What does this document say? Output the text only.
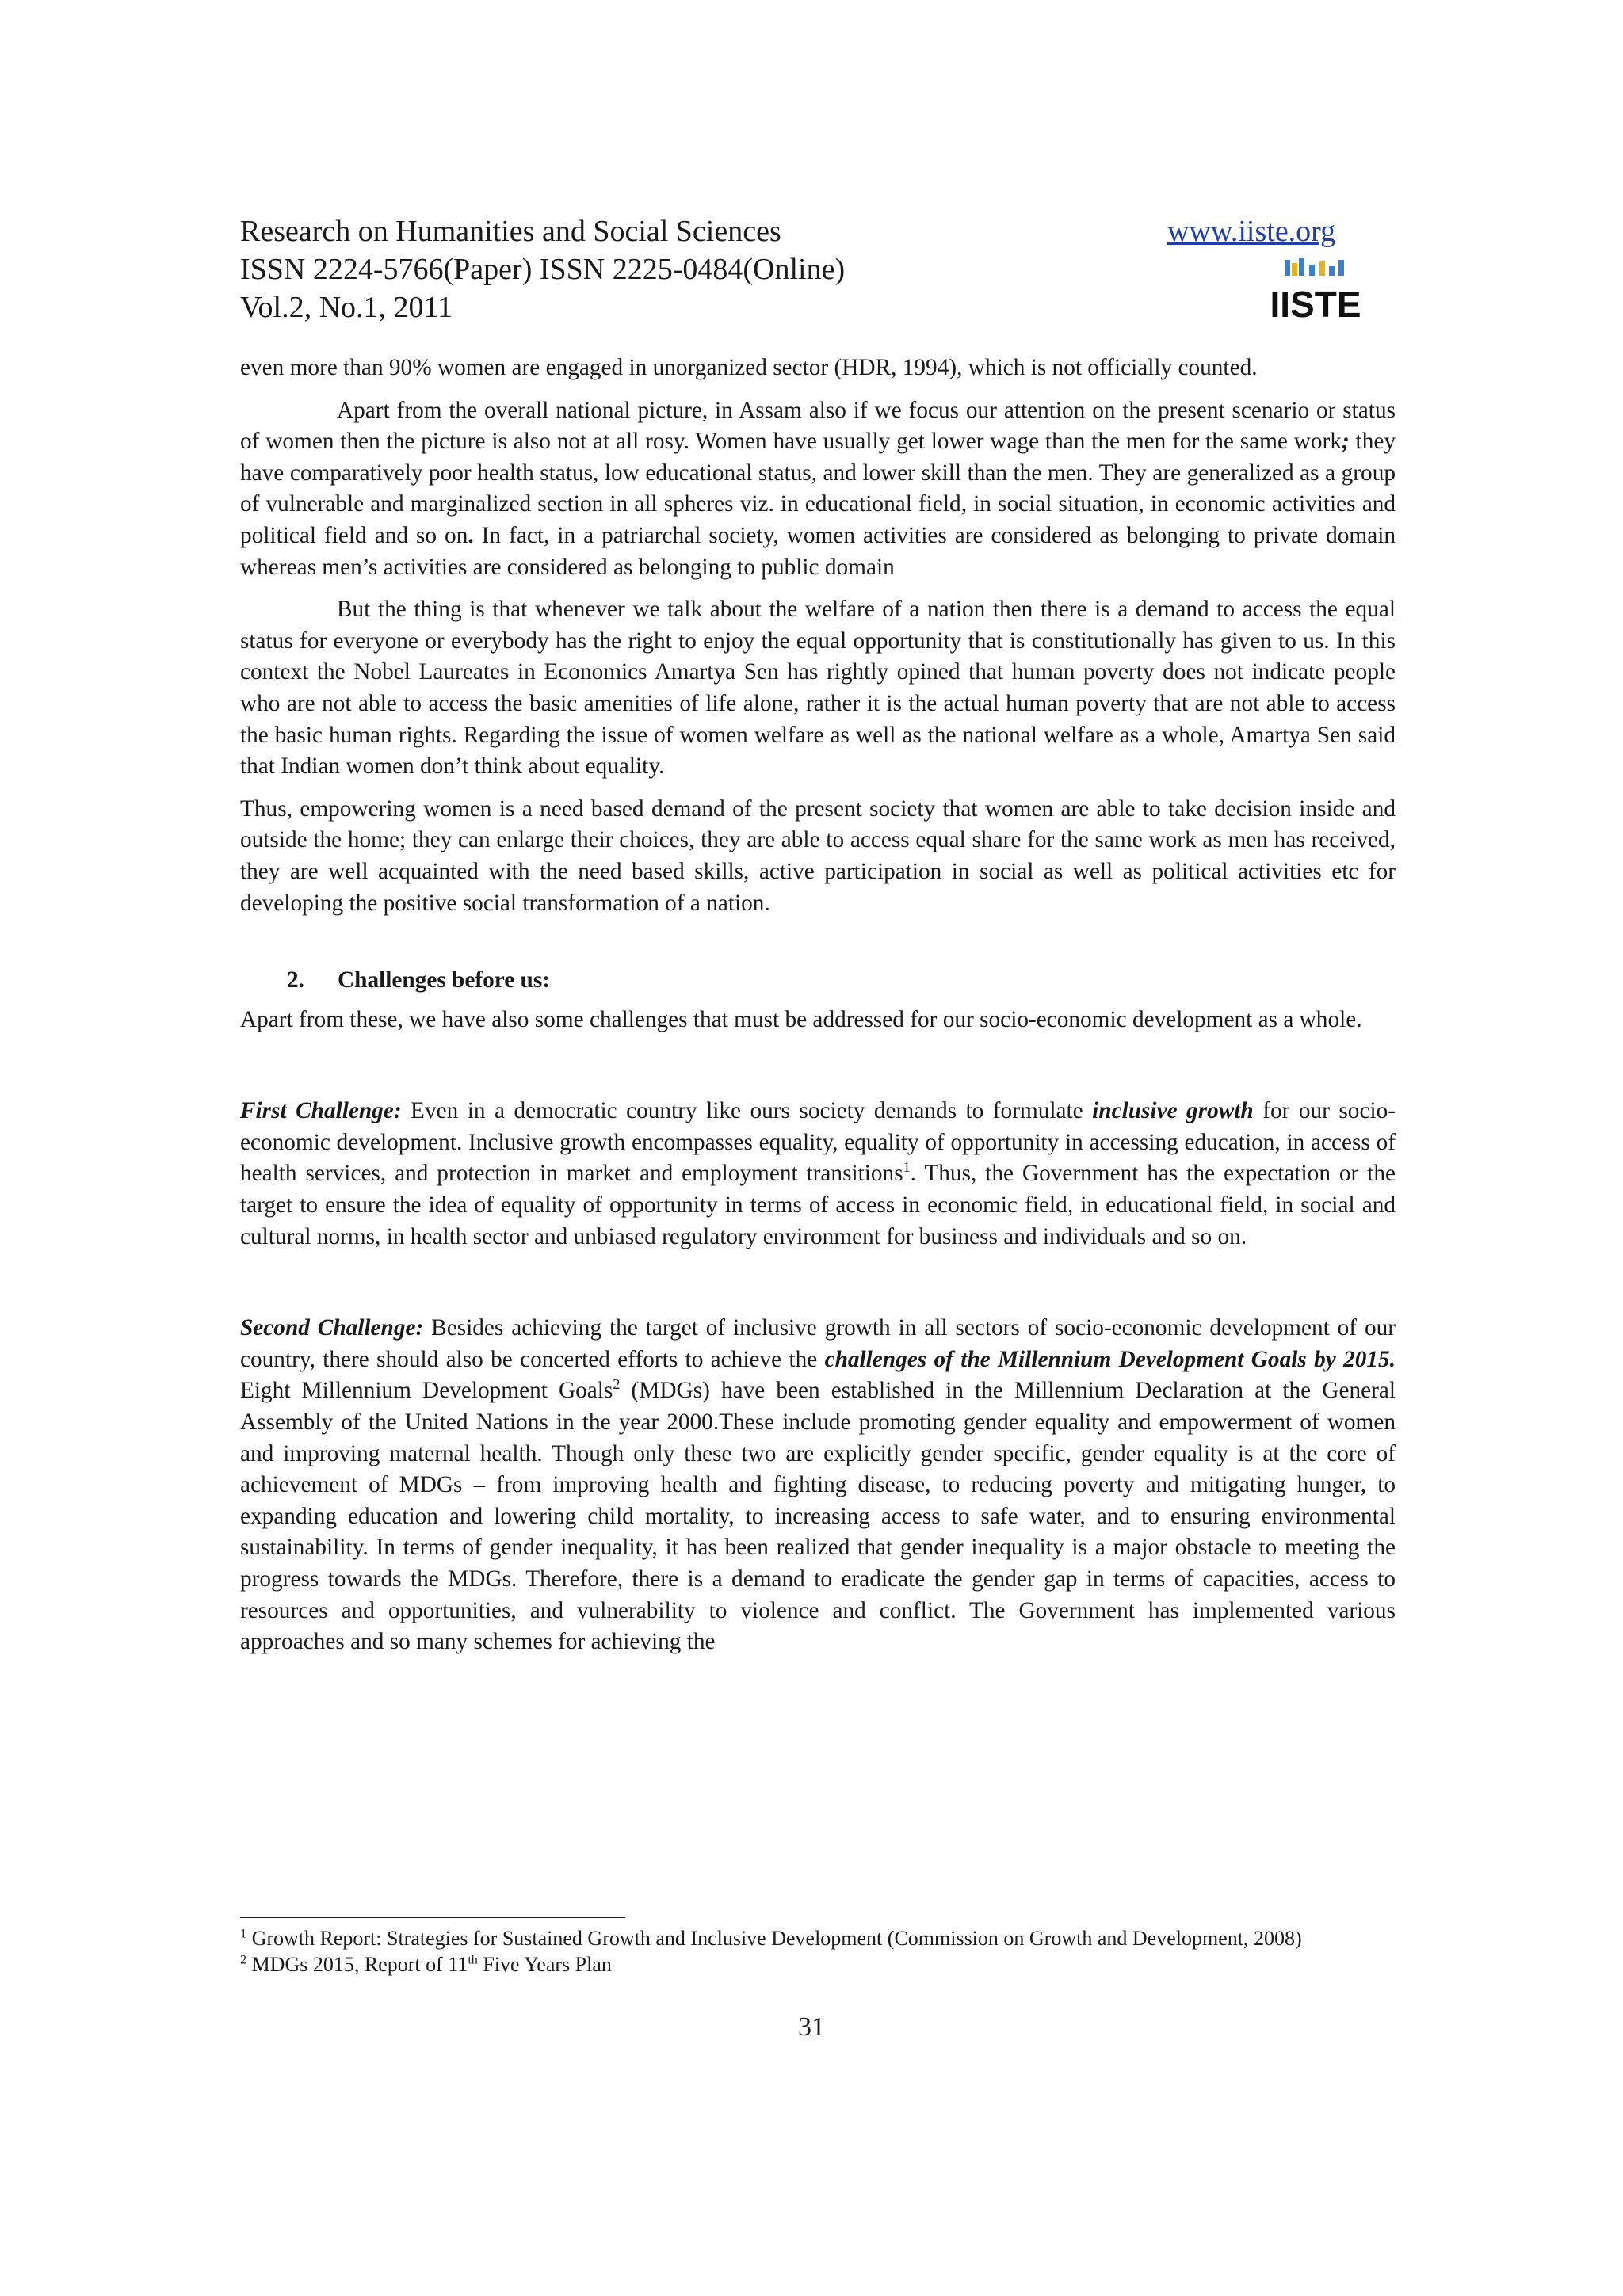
Research on Humanities and Social Sciences
ISSN 2224-5766(Paper) ISSN 2225-0484(Online)
Vol.2, No.1, 2011
www.iiste.org
IISTE

even more than 90% women are engaged in unorganized sector (HDR, 1994), which is not officially counted.

Apart from the overall national picture, in Assam also if we focus our attention on the present scenario or status of women then the picture is also not at all rosy. Women have usually get lower wage than the men for the same work; they have comparatively poor health status, low educational status, and lower skill than the men. They are generalized as a group of vulnerable and marginalized section in all spheres viz. in educational field, in social situation, in economic activities and political field and so on. In fact, in a patriarchal society, women activities are considered as belonging to private domain whereas men’s activities are considered as belonging to public domain

But the thing is that whenever we talk about the welfare of a nation then there is a demand to access the equal status for everyone or everybody has the right to enjoy the equal opportunity that is constitutionally has given to us. In this context the Nobel Laureates in Economics Amartya Sen has rightly opined that human poverty does not indicate people who are not able to access the basic amenities of life alone, rather it is the actual human poverty that are not able to access the basic human rights. Regarding the issue of women welfare as well as the national welfare as a whole, Amartya Sen said that Indian women don’t think about equality.

Thus, empowering women is a need based demand of the present society that women are able to take decision inside and outside the home; they can enlarge their choices, they are able to access equal share for the same work as men has received, they are well acquainted with the need based skills, active participation in social as well as political activities etc for developing the positive social transformation of a nation.

2. Challenges before us:

Apart from these, we have also some challenges that must be addressed for our socio-economic development as a whole.

First Challenge: Even in a democratic country like ours society demands to formulate inclusive growth for our socio-economic development. Inclusive growth encompasses equality, equality of opportunity in accessing education, in access of health services, and protection in market and employment transitions$^1$. Thus, the Government has the expectation or the target to ensure the idea of equality of opportunity in terms of access in economic field, in educational field, in social and cultural norms, in health sector and unbiased regulatory environment for business and individuals and so on.

Second Challenge: Besides achieving the target of inclusive growth in all sectors of socio-economic development of our country, there should also be concerted efforts to achieve the challenges of the Millennium Development Goals by 2015. Eight Millennium Development Goals$^2$ (MDGs) have been established in the Millennium Declaration at the General Assembly of the United Nations in the year 2000.These include promoting gender equality and empowerment of women and improving maternal health. Though only these two are explicitly gender specific, gender equality is at the core of achievement of MDGs – from improving health and fighting disease, to reducing poverty and mitigating hunger, to expanding education and lowering child mortality, to increasing access to safe water, and to ensuring environmental sustainability. In terms of gender inequality, it has been realized that gender inequality is a major obstacle to meeting the progress towards the MDGs. Therefore, there is a demand to eradicate the gender gap in terms of capacities, access to resources and opportunities, and vulnerability to violence and conflict. The Government has implemented various approaches and so many schemes for achieving the

$^1$ Growth Report: Strategies for Sustained Growth and Inclusive Development (Commission on Growth and Development, 2008)

$^2$ MDGs 2015, Report of 11th Five Years Plan

31
